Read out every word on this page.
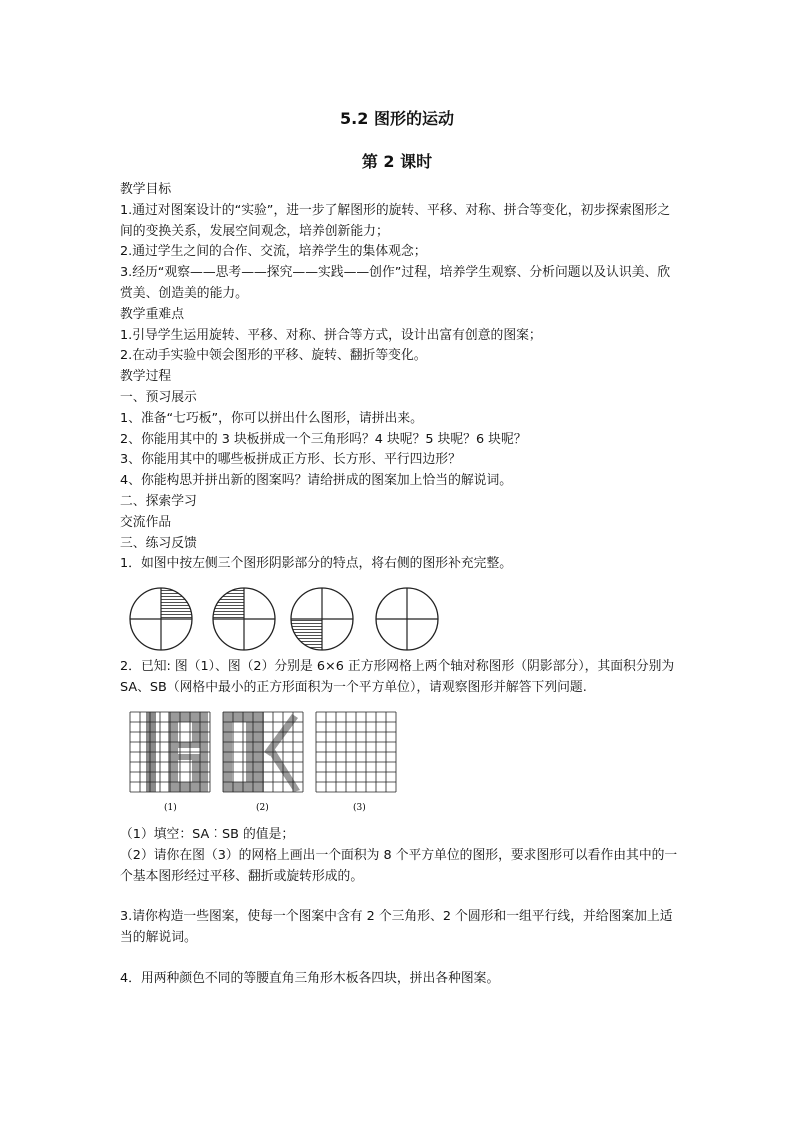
5.2 图形的运动
第 2 课时

教学目标

1.通过对图案设计的“实验”，进一步了解图形的旋转、平移、对称、拼合等变化，初步探索图形之间的变换关系，发展空间观念，培养创新能力；

2.通过学生之间的合作、交流，培养学生的集体观念；

3.经历“观察——思考——探究——实践——创作”过程，培养学生观察、分析问题以及认识美、欣赏美、创造美的能力。

教学重难点

1.引导学生运用旋转、平移、对称、拼合等方式，设计出富有创意的图案；

2.在动手实验中领会图形的平移、旋转、翻折等变化。

教学过程

一、预习展示

1、准备“七巧板”，你可以拼出什么图形，请拼出来。

2、你能用其中的 3 块板拼成一个三角形吗？4 块呢？5 块呢？6 块呢？

3、你能用其中的哪些板拼成正方形、长方形、平行四边形？

4、你能构思并拼出新的图案吗？请给拼成的图案加上恰当的解说词。

二、探索学习

交流作品

三、练习反馈

1．如图中按左侧三个图形阴影部分的特点，将右侧的图形补充完整。

2．已知: 图（1）、图（2）分别是 6×6 正方形网格上两个轴对称图形（阴影部分），其面积分别为 SA、SB（网格中最小的正方形面积为一个平方单位），请观察图形并解答下列问题.

(1)	(2)	(3)

（1）填空：SA︰SB 的值是；

（2）请你在图（3）的网格上画出一个面积为 8 个平方单位的图形，要求图形可以看作由其中的一个基本图形经过平移、翻折或旋转形成的。

3.请你构造一些图案，使每一个图案中含有 2 个三角形、2 个圆形和一组平行线，并给图案加上适当的解说词。

4．用两种颜色不同的等腰直角三角形木板各四块，拼出各种图案。
